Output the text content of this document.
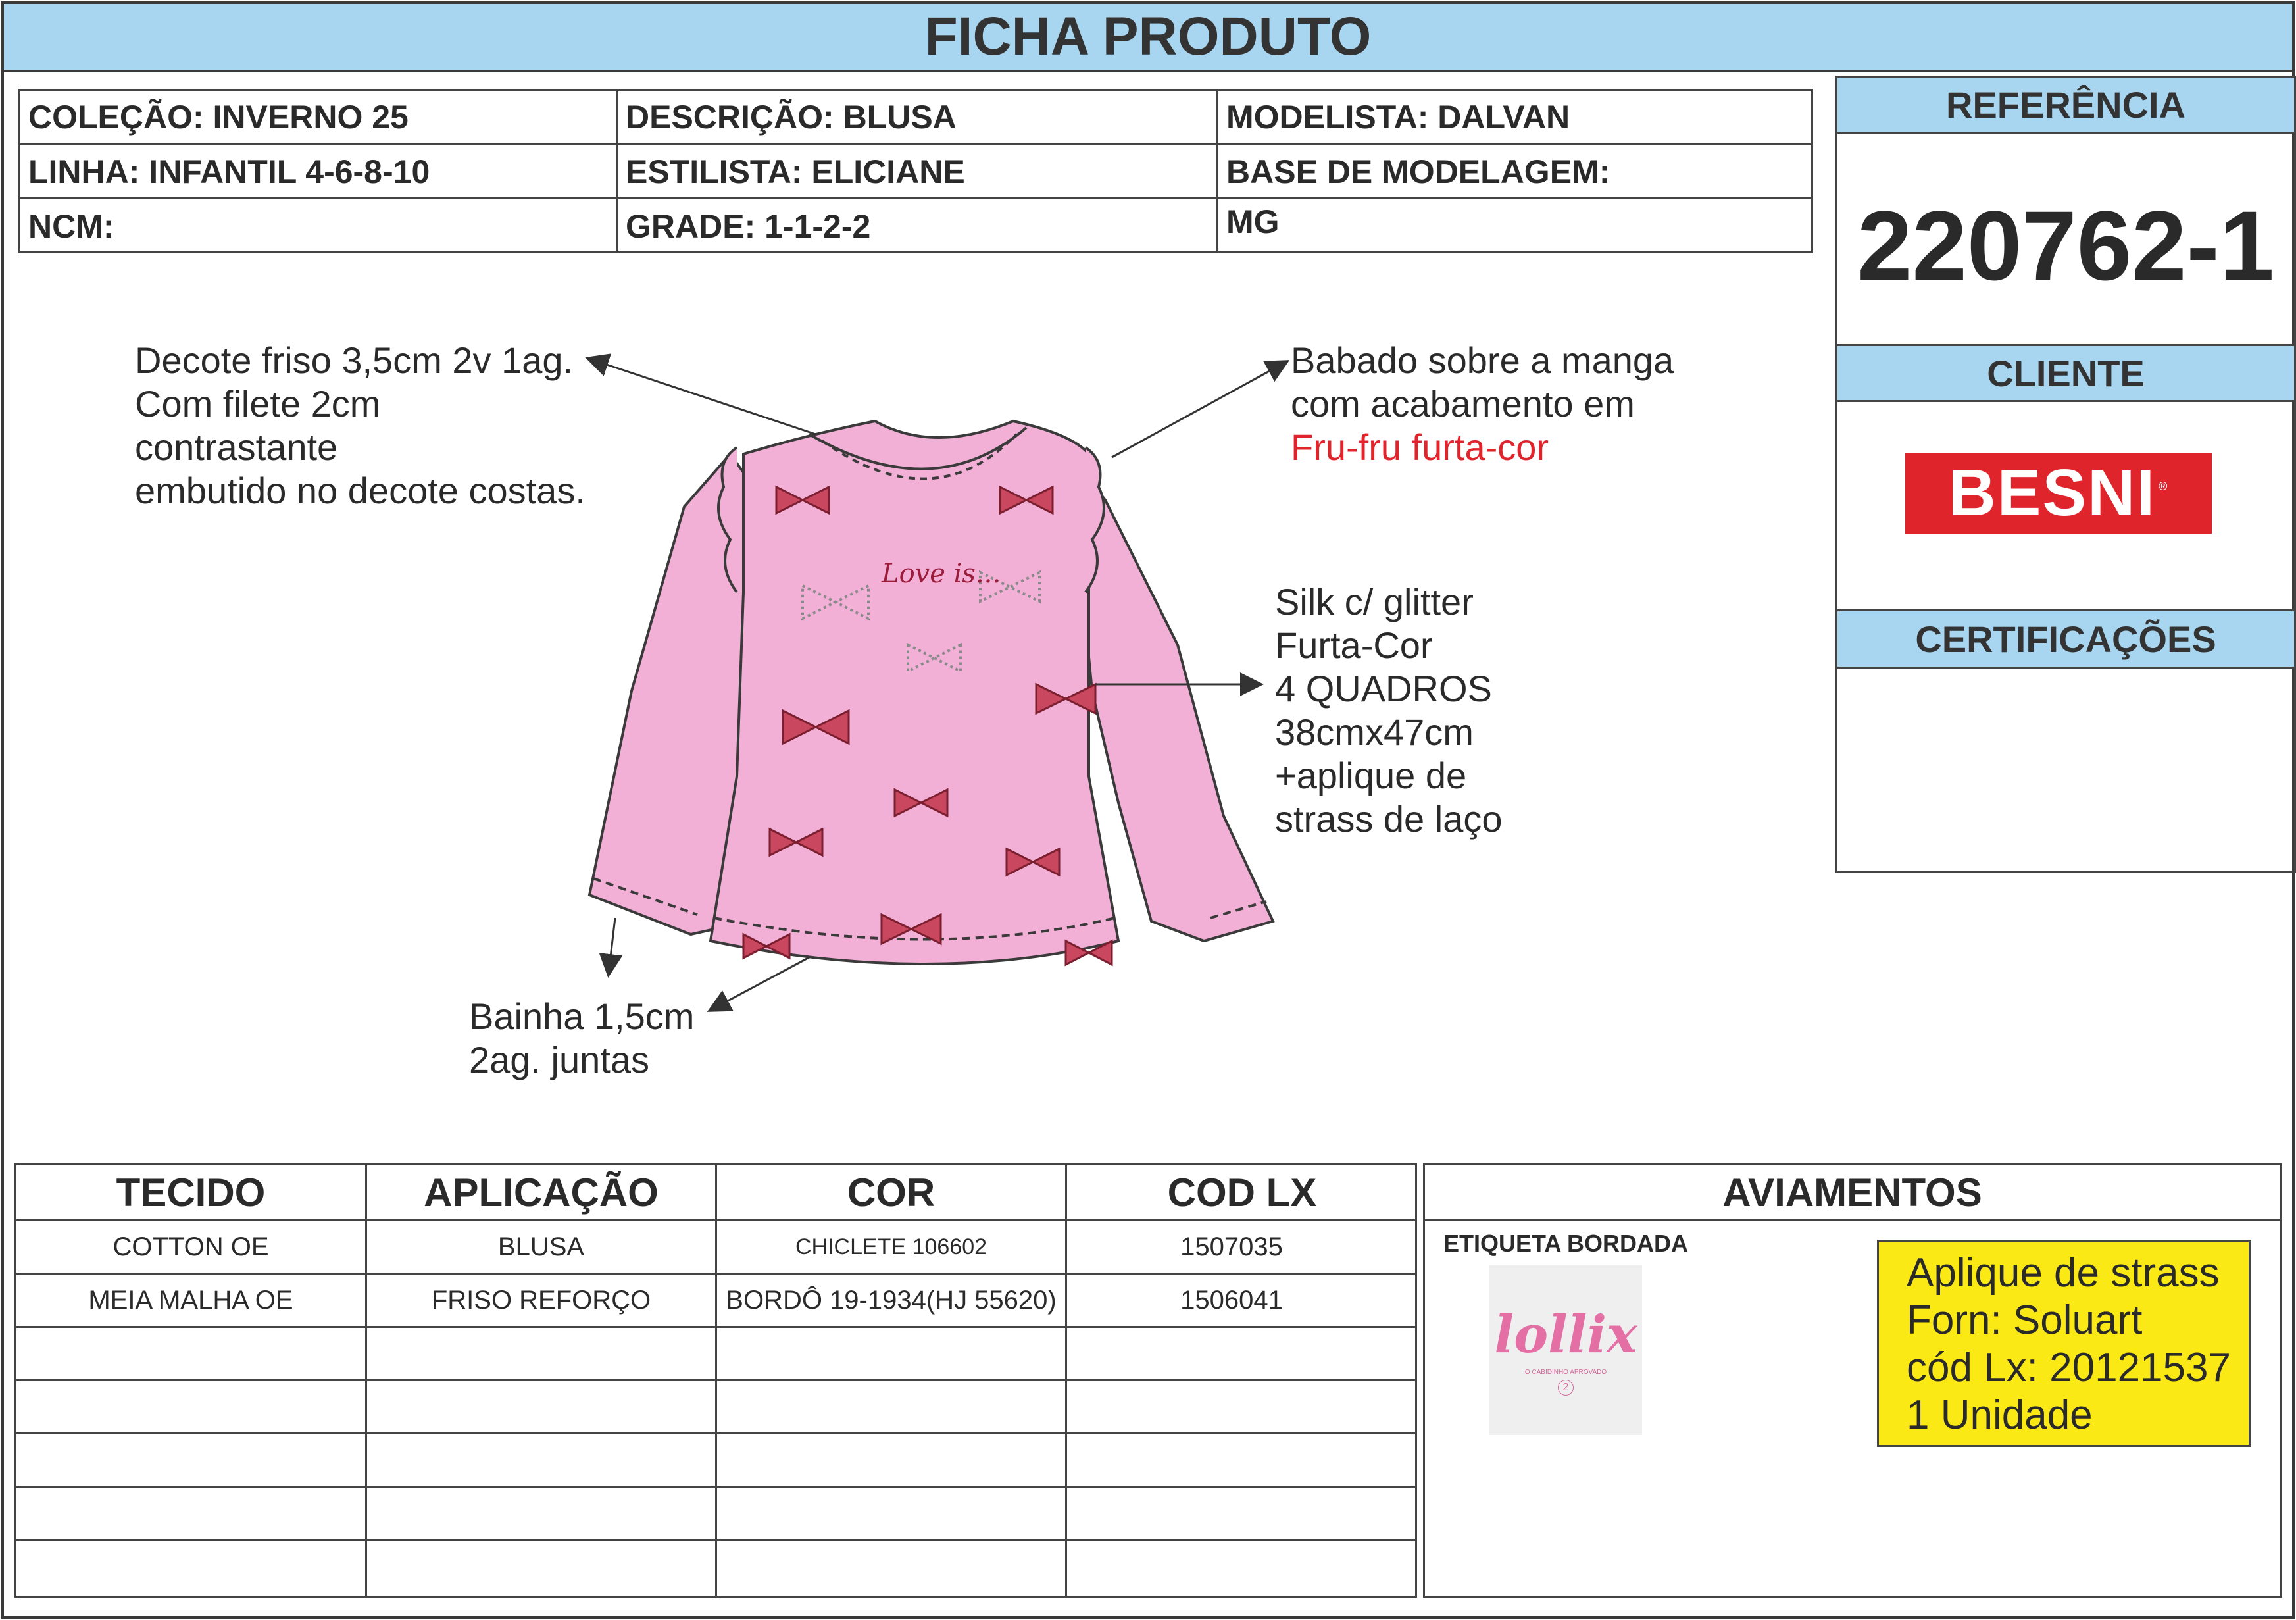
FICHA PRODUTO
COLEÇÃO: INVERNO 25	DESCRIÇÃO: BLUSA	MODELISTA: DALVAN
LINHA: INFANTIL 4-6-8-10	ESTILISTA: ELICIANE	BASE DE MODELAGEM:
NCM:	GRADE: 1-1-2-2	MG
REFERÊNCIA
220762-1
CLIENTE
BESNI®
CERTIFICAÇÕES
Love is...
Decote friso 3,5cm 2v 1ag.
Com filete 2cm
contrastante
embutido no decote costas.
Babado sobre a manga
com acabamento em
Fru-fru furta-cor
Silk c/ glitter
Furta-Cor
4 QUADROS
38cmx47cm
+aplique de
strass de laço
Bainha 1,5cm
2ag. juntas
TECIDO	APLICAÇÃO	COR	COD LX
COTTON OE	BLUSA	CHICLETE 106602	1507035
MEIA MALHA OE	FRISO REFORÇO	BORDÔ 19-1934(HJ 55620)	1506041
AVIAMENTOS
ETIQUETA BORDADA
lollix
O CABIDINHO APROVADO
2
Aplique de strass
Forn: Soluart
cód Lx: 20121537
1 Unidade
